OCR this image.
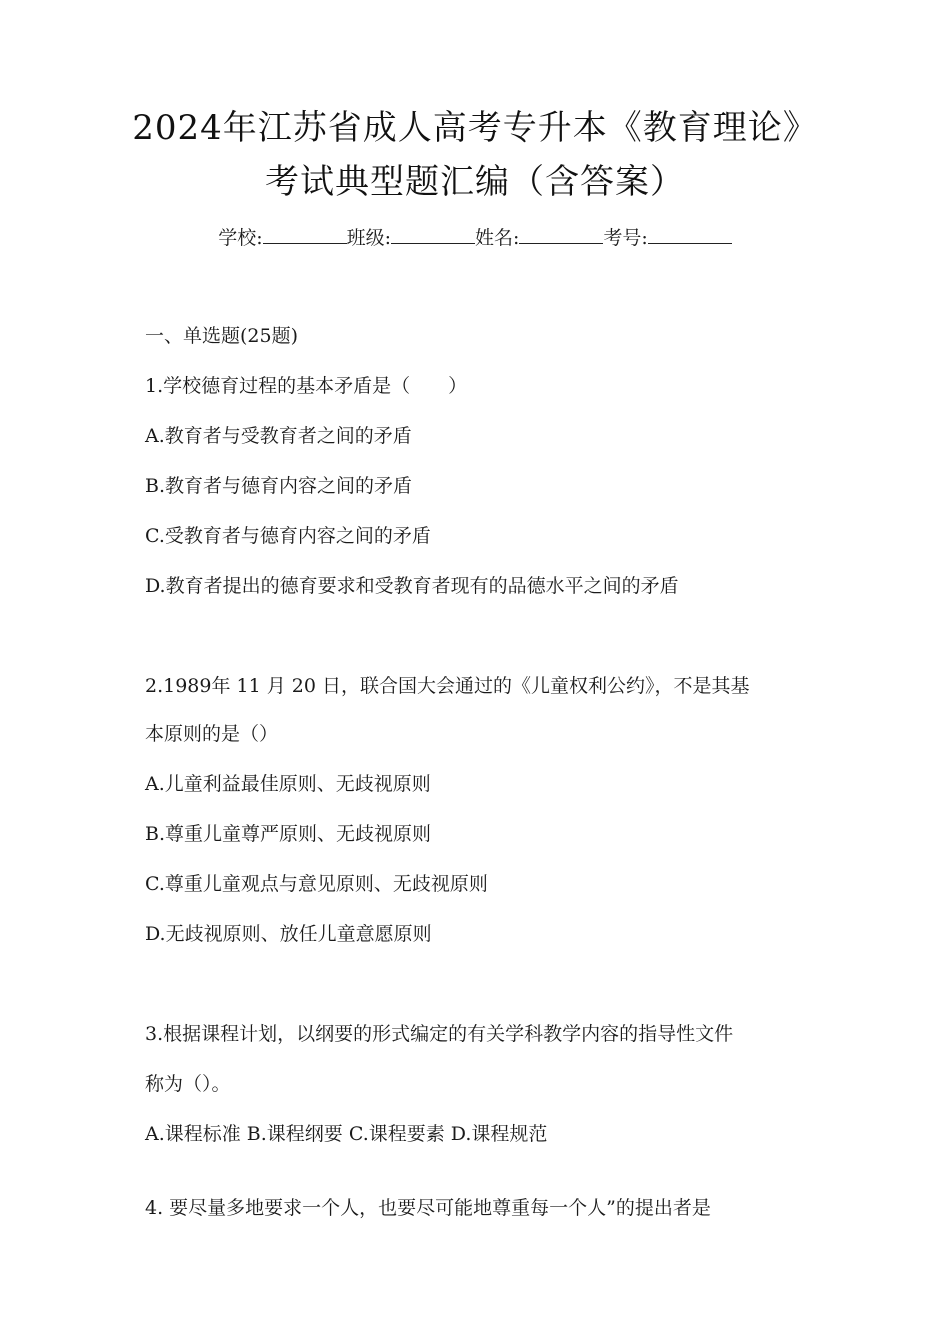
2024年江苏省成人高考专升本《教育理论》
考试典型题汇编（含答案）
学校:	班级:	姓名:	考号:
一、单选题(25题)
1.学校德育过程的基本矛盾是（　　）
A.教育者与受教育者之间的矛盾
B.教育者与德育内容之间的矛盾
C.受教育者与德育内容之间的矛盾
D.教育者提出的德育要求和受教育者现有的品德水平之间的矛盾
2.1989年 11 月 20 日，联合国大会通过的《儿童权利公约》，不是其基
本原则的是（）
A.儿童利益最佳原则、无歧视原则
B.尊重儿童尊严原则、无歧视原则
C.尊重儿童观点与意见原则、无歧视原则
D.无歧视原则、放任儿童意愿原则
3.根据课程计划，以纲要的形式编定的有关学科教学内容的指导性文件
称为（）。
A.课程标准 B.课程纲要 C.课程要素 D.课程规范
4. 要尽量多地要求一个人，也要尽可能地尊重每一个人”的提出者是
